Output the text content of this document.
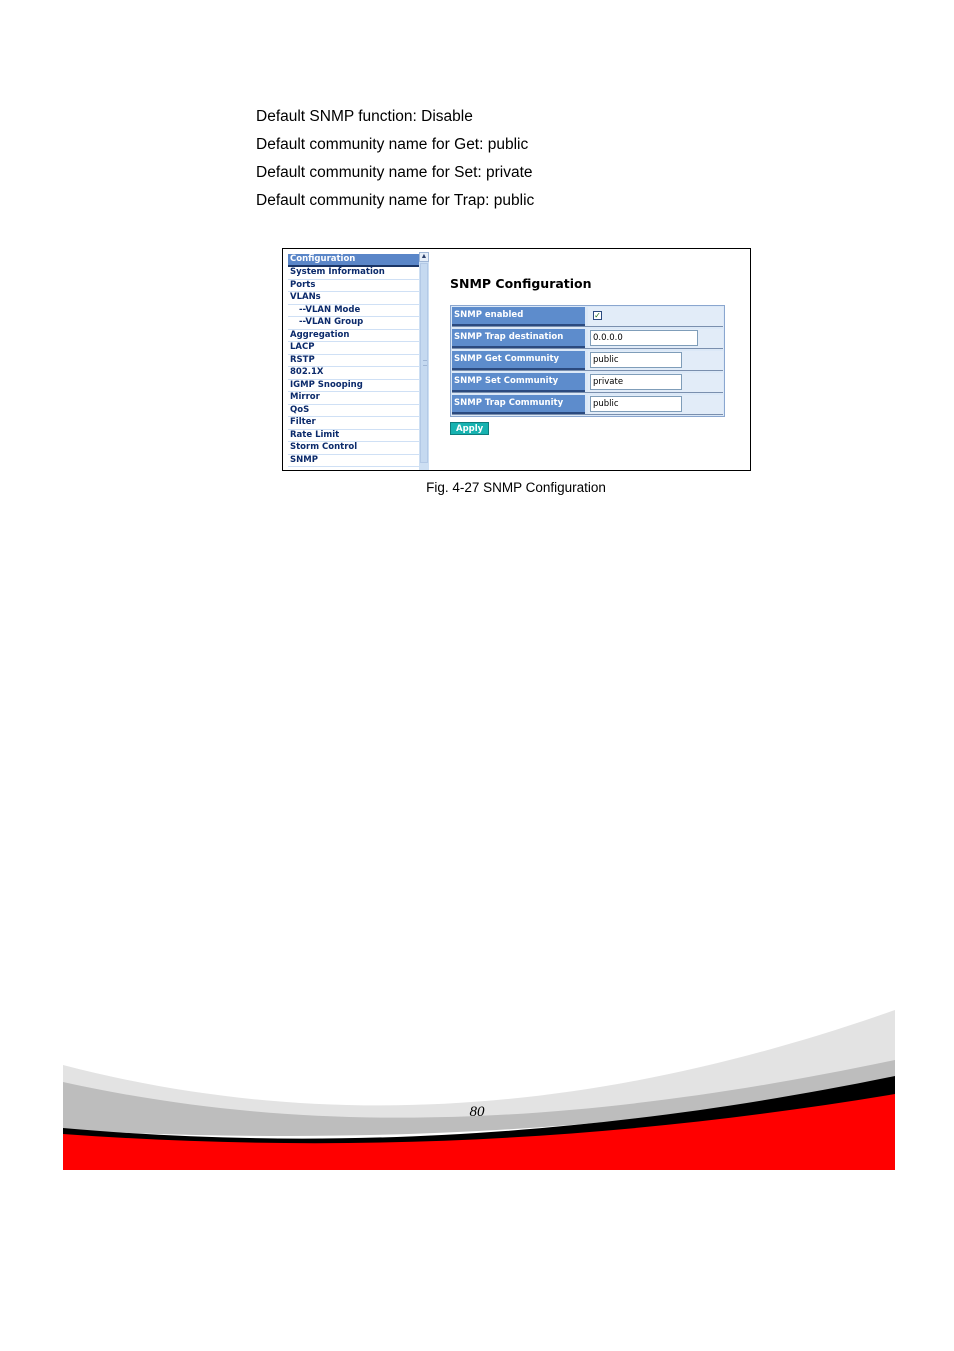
Default SNMP function: Disable
Default community name for Get: public
Default community name for Set: private
Default community name for Trap: public
Configuration
System Information
Ports
VLANs
--VLAN Mode
--VLAN Group
Aggregation
LACP
RSTP
802.1X
IGMP Snooping
Mirror
QoS
Filter
Rate Limit
Storm Control
SNMP
▲
SNMP Configuration
SNMP enabled	✓
SNMP Trap destination	0.0.0.0
SNMP Get Community	public
SNMP Set Community	private
SNMP Trap Community	public
Apply
Fig. 4-27 SNMP Configuration
80
